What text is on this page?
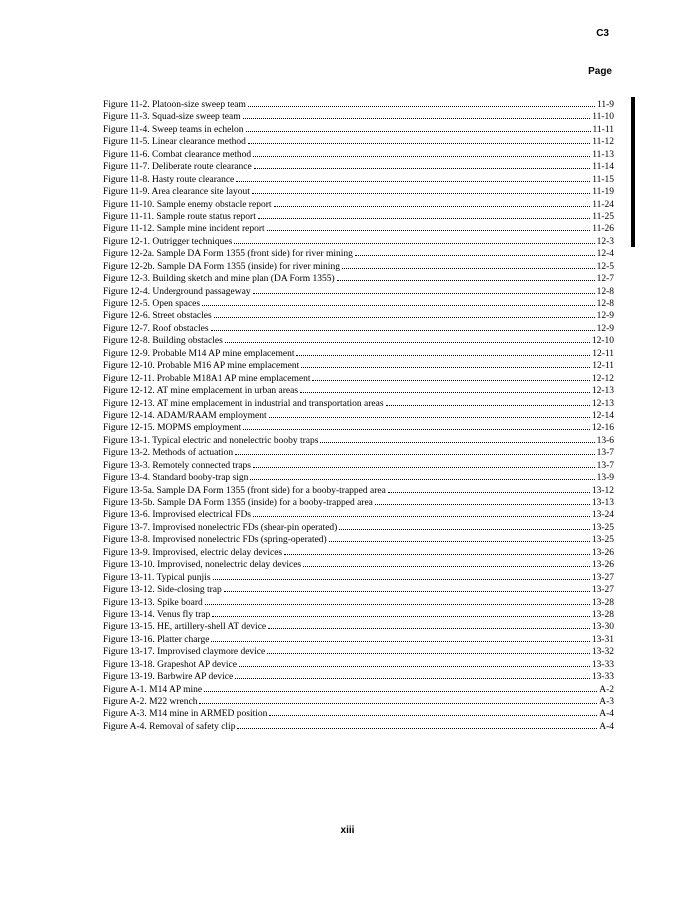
C3
Page
Figure 11-2. Platoon-size sweep team	11-9
Figure 11-3. Squad-size sweep team	11-10
Figure 11-4. Sweep teams in echelon	11-11
Figure 11-5. Linear clearance method	11-12
Figure 11-6. Combat clearance method	11-13
Figure 11-7. Deliberate route clearance	11-14
Figure 11-8. Hasty route clearance	11-15
Figure 11-9. Area clearance site layout	11-19
Figure 11-10. Sample enemy obstacle report	11-24
Figure 11-11. Sample route status report	11-25
Figure 11-12. Sample mine incident report	11-26
Figure 12-1. Outrigger techniques	12-3
Figure 12-2a. Sample DA Form 1355 (front side) for river mining	12-4
Figure 12-2b. Sample DA Form 1355 (inside) for river mining	12-5
Figure 12-3. Building sketch and mine plan (DA Form 1355)	12-7
Figure 12-4. Underground passageway	12-8
Figure 12-5. Open spaces	12-8
Figure 12-6. Street obstacles	12-9
Figure 12-7. Roof obstacles	12-9
Figure 12-8. Building obstacles	12-10
Figure 12-9. Probable M14 AP mine emplacement	12-11
Figure 12-10. Probable M16 AP mine emplacement	12-11
Figure 12-11. Probable M18A1 AP mine emplacement	12-12
Figure 12-12. AT mine emplacement in urban areas	12-13
Figure 12-13. AT mine emplacement in industrial and transportation areas	12-13
Figure 12-14. ADAM/RAAM employment	12-14
Figure 12-15. MOPMS employment	12-16
Figure 13-1. Typical electric and nonelectric booby traps	13-6
Figure 13-2. Methods of actuation	13-7
Figure 13-3. Remotely connected traps	13-7
Figure 13-4. Standard booby-trap sign	13-9
Figure 13-5a. Sample DA Form 1355 (front side) for a booby-trapped area	13-12
Figure 13-5b. Sample DA Form 1355 (inside) for a booby-trapped area	13-13
Figure 13-6. Improvised electrical FDs	13-24
Figure 13-7. Improvised nonelectric FDs (shear-pin operated)	13-25
Figure 13-8. Improvised nonelectric FDs (spring-operated)	13-25
Figure 13-9. Improvised, electric delay devices	13-26
Figure 13-10. Improvised, nonelectric delay devices	13-26
Figure 13-11. Typical punjis	13-27
Figure 13-12. Side-closing trap	13-27
Figure 13-13. Spike board	13-28
Figure 13-14. Venus fly trap	13-28
Figure 13-15. HE, artillery-shell AT device	13-30
Figure 13-16. Platter charge	13-31
Figure 13-17. Improvised claymore device	13-32
Figure 13-18. Grapeshot AP device	13-33
Figure 13-19. Barbwire AP device	13-33
Figure A-1. M14 AP mine	A-2
Figure A-2. M22 wrench	A-3
Figure A-3. M14 mine in ARMED position	A-4
Figure A-4. Removal of safety clip	A-4
xiii
